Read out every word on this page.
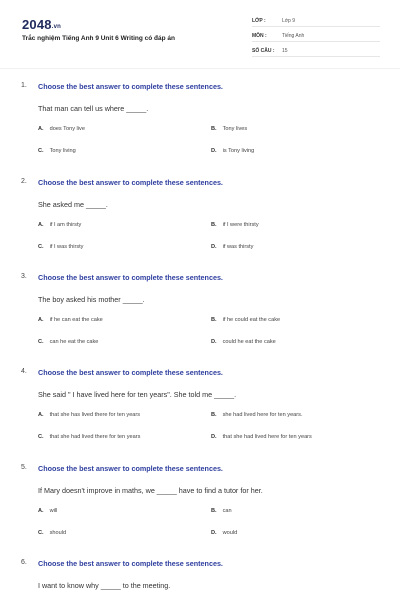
2048.vn
Trắc nghiệm Tiếng Anh 9 Unit 6 Writing có đáp án
LỚP :	Lớp 9
MÔN :	Tiếng Anh
SỐ CÂU : 15
1. Choose the best answer to complete these sentences.
That man can tell us where _____.
A. does Tony live	B. Tony lives
C. Tony living	D. is Tony living
2. Choose the best answer to complete these sentences.
She asked me _____.
A. if I am thirsty	B. if I were thirsty
C. if I was thirsty	D. if was thirsty
3. Choose the best answer to complete these sentences.
The boy asked his mother _____.
A. if he can eat the cake	B. if he could eat the cake
C. can he eat the cake	D. could he eat the cake
4. Choose the best answer to complete these sentences.
She said " I have lived here for ten years". She told me _____.
A. that she has lived there for ten years	B. she had lived here for ten years.
C. that she had lived there for ten years	D. that she had lived here for ten years
5. Choose the best answer to complete these sentences.
If Mary doesn't improve in maths, we _____ have to find a tutor for her.
A. will	B. can
C. should	D. would
6. Choose the best answer to complete these sentences.
I want to know why _____ to the meeting.
